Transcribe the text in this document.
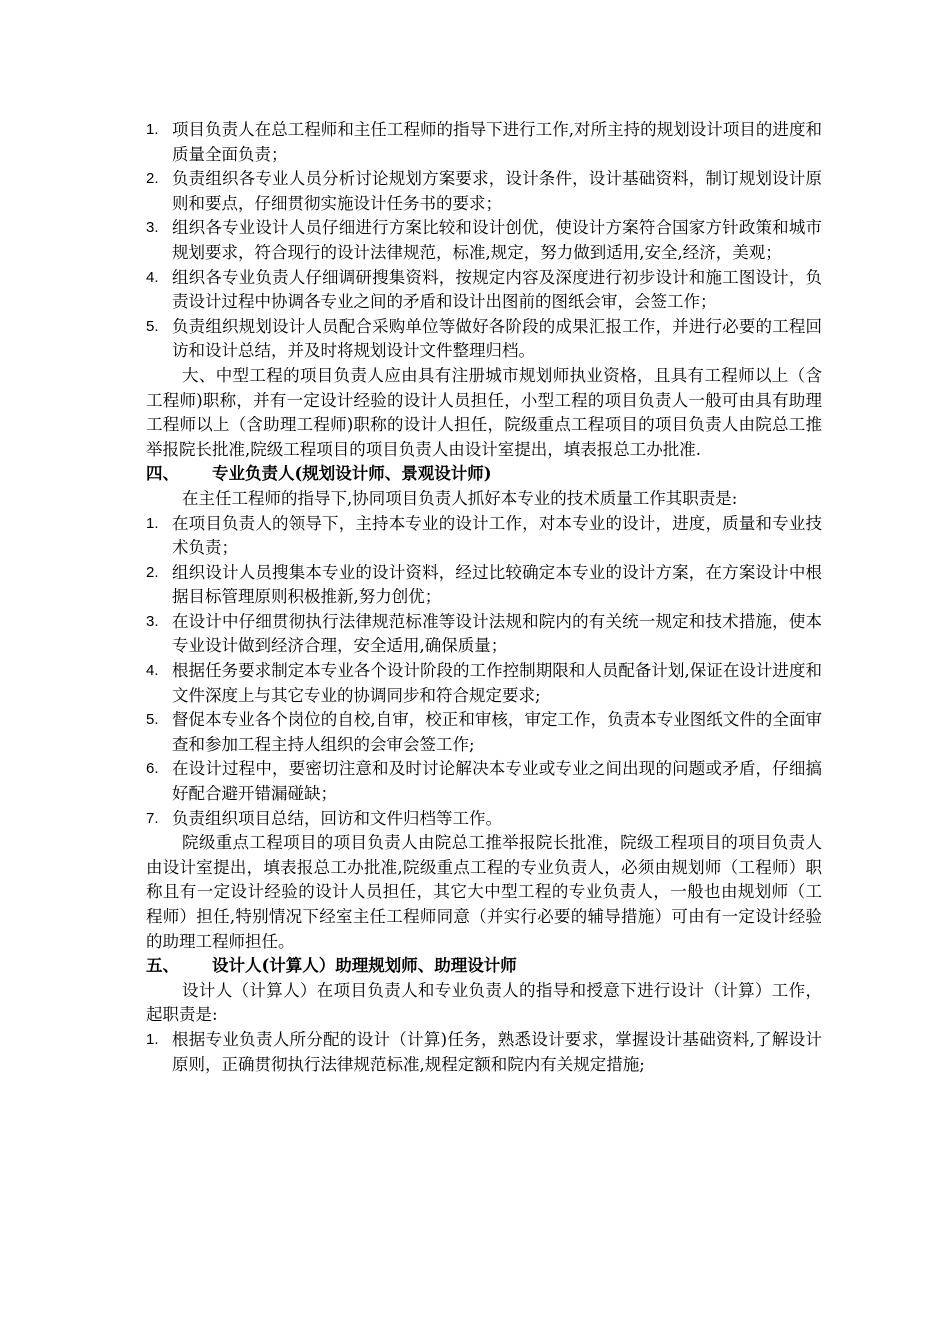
1. 项目负责人在总工程师和主任工程师的指导下进行工作,对所主持的规划设计项目的进度和质量全面负责；
2. 负责组织各专业人员分析讨论规划方案要求，设计条件，设计基础资料，制订规划设计原则和要点，仔细贯彻实施设计任务书的要求；
3. 组织各专业设计人员仔细进行方案比较和设计创优，使设计方案符合国家方针政策和城市规划要求，符合现行的设计法律规范，标准,规定，努力做到适用,安全,经济，美观；
4. 组织各专业负责人仔细调研搜集资料，按规定内容及深度进行初步设计和施工图设计，负责设计过程中协调各专业之间的矛盾和设计出图前的图纸会审，会签工作；
5. 负责组织规划设计人员配合采购单位等做好各阶段的成果汇报工作，并进行必要的工程回访和设计总结，并及时将规划设计文件整理归档。

大、中型工程的项目负责人应由具有注册城市规划师执业资格，且具有工程师以上（含工程师)职称，并有一定设计经验的设计人员担任，小型工程的项目负责人一般可由具有助理工程师以上（含助理工程师)职称的设计人担任，院级重点工程项目的项目负责人由院总工推举报院长批准,院级工程项目的项目负责人由设计室提出，填表报总工办批准.

四、	专业负责人(规划设计师、景观设计师)

在主任工程师的指导下,协同项目负责人抓好本专业的技术质量工作其职责是:

1. 在项目负责人的领导下，主持本专业的设计工作，对本专业的设计，进度，质量和专业技术负责；
2. 组织设计人员搜集本专业的设计资料，经过比较确定本专业的设计方案，在方案设计中根据目标管理原则积极推新,努力创优；
3. 在设计中仔细贯彻执行法律规范标准等设计法规和院内的有关统一规定和技术措施，使本专业设计做到经济合理，安全适用,确保质量；
4. 根据任务要求制定本专业各个设计阶段的工作控制期限和人员配备计划,保证在设计进度和文件深度上与其它专业的协调同步和符合规定要求;
5. 督促本专业各个岗位的自校,自审，校正和审核，审定工作，负责本专业图纸文件的全面审查和参加工程主持人组织的会审会签工作;
6. 在设计过程中，要密切注意和及时讨论解决本专业或专业之间出现的问题或矛盾，仔细搞好配合避开错漏碰缺；
7. 负责组织项目总结，回访和文件归档等工作。

院级重点工程项目的项目负责人由院总工推举报院长批准，院级工程项目的项目负责人由设计室提出，填表报总工办批准,院级重点工程的专业负责人，必须由规划师（工程师）职称且有一定设计经验的设计人员担任，其它大中型工程的专业负责人，一般也由规划师（工程师）担任,特别情况下经室主任工程师同意（并实行必要的辅导措施）可由有一定设计经验的助理工程师担任。

五、	设计人(计算人）助理规划师、助理设计师

设计人（计算人）在项目负责人和专业负责人的指导和授意下进行设计（计算）工作，起职责是:

1. 根据专业负责人所分配的设计（计算)任务，熟悉设计要求，掌握设计基础资料,了解设计原则，正确贯彻执行法律规范标准,规程定额和院内有关规定措施;
